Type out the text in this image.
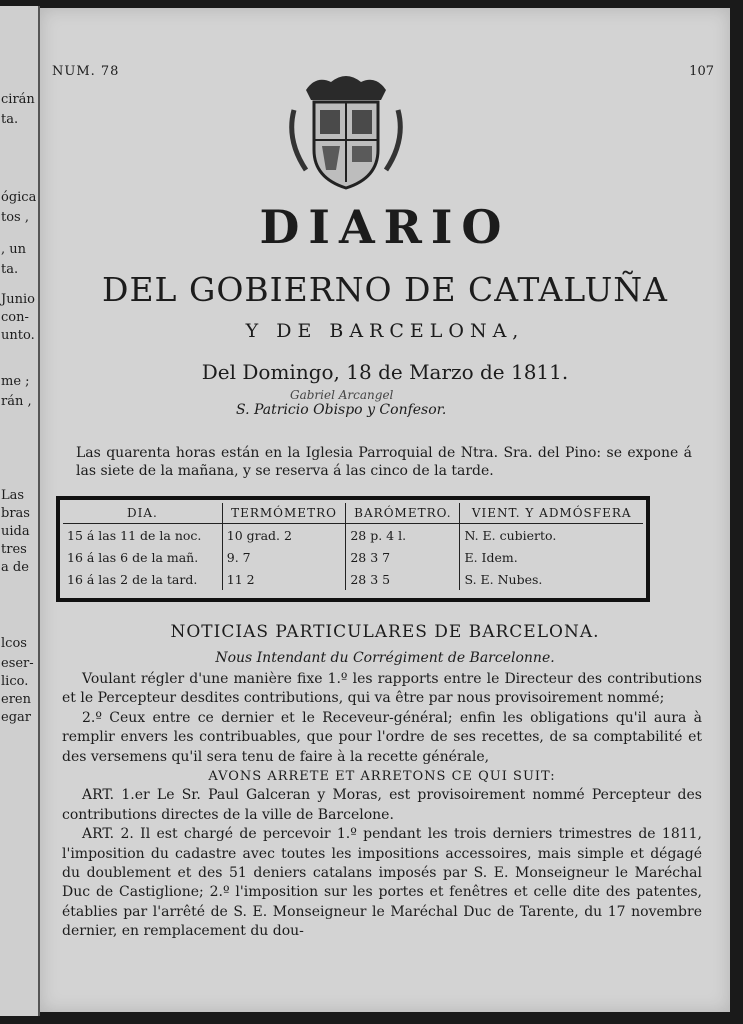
cirán
ta.
ógica
tos ,
, un
ta.
Junio
con-
unto.
me ;
rán ,
Las
bras
uida
tres
a de
lcos
eser-
lico.
eren
egar
NUM. 78	107
DIARIO
DEL GOBIERNO DE CATALUÑA
Y DE BARCELONA,
Del Domingo, 18 de Marzo de 1811.
Gabriel Arcangel
S. Patricio Obispo y Confesor.
Las quarenta horas están en la Iglesia Parroquial de Ntra. Sra. del Pino: se expone á las siete de la mañana, y se reserva á las cinco de la tarde.
DIA.	TERMÓMETRO	BARÓMETRO.	VIENT. Y ADMÓSFERA
15 á las 11 de la noc.	10 grad. 2	28 p. 4 l.	N. E. cubierto.
16 á las 6 de la mañ.	9. 7	28 3 7	E. Idem.
16 á las 2 de la tard.	11 2	28 3 5	S. E. Nubes.
NOTICIAS PARTICULARES DE BARCELONA.
Nous Intendant du Corrégiment de Barcelonne.

Voulant régler d'une manière fixe 1.º les rapports entre le Directeur des contributions et le Percepteur desdites contributions, qui va être par nous provisoirement nommé;

2.º Ceux entre ce dernier et le Receveur-général; enfin les obligations qu'il aura à remplir envers les contribuables, que pour l'ordre de ses recettes, de sa comptabilité et des versemens qu'il sera tenu de faire à la recette générale,

AVONS ARRETE ET ARRETONS CE QUI SUIT:

ART. 1.er Le Sr. Paul Galceran y Moras, est provisoirement nommé Percepteur des contributions directes de la ville de Barcelone.

ART. 2. Il est chargé de percevoir 1.º pendant les trois derniers trimestres de 1811, l'imposition du cadastre avec toutes les impositions accessoires, mais simple et dégagé du doublement et des 51 deniers catalans imposés par S. E. Monseigneur le Maréchal Duc de Castiglione; 2.º l'imposition sur les portes et fenêtres et celle dite des patentes, établies par l'arrêté de S. E. Monseigneur le Maréchal Duc de Tarente, du 17 novembre dernier, en remplacement du dou-
